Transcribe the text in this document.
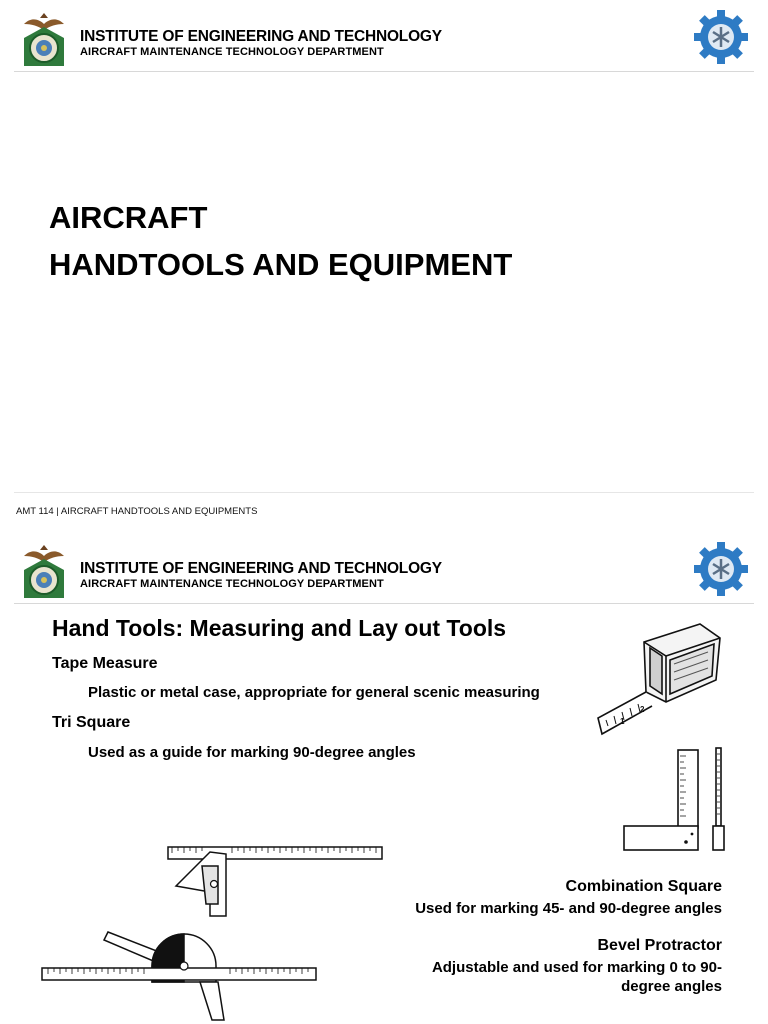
INSTITUTE OF ENGINEERING AND TECHNOLOGY
AIRCRAFT MAINTENANCE TECHNOLOGY DEPARTMENT
AIRCRAFT
HANDTOOLS AND EQUIPMENT
AMT 114 | AIRCRAFT HANDTOOLS AND EQUIPMENTS
INSTITUTE OF ENGINEERING AND TECHNOLOGY
AIRCRAFT MAINTENANCE TECHNOLOGY DEPARTMENT
Hand Tools: Measuring and Lay out Tools
Tape Measure
Plastic or metal case, appropriate for general scenic measuring
Tri Square
Used as a guide for marking 90-degree angles
Combination Square
Used for marking 45- and 90-degree angles
Bevel Protractor
Adjustable and used for marking 0 to 90-
degree angles
1
2
